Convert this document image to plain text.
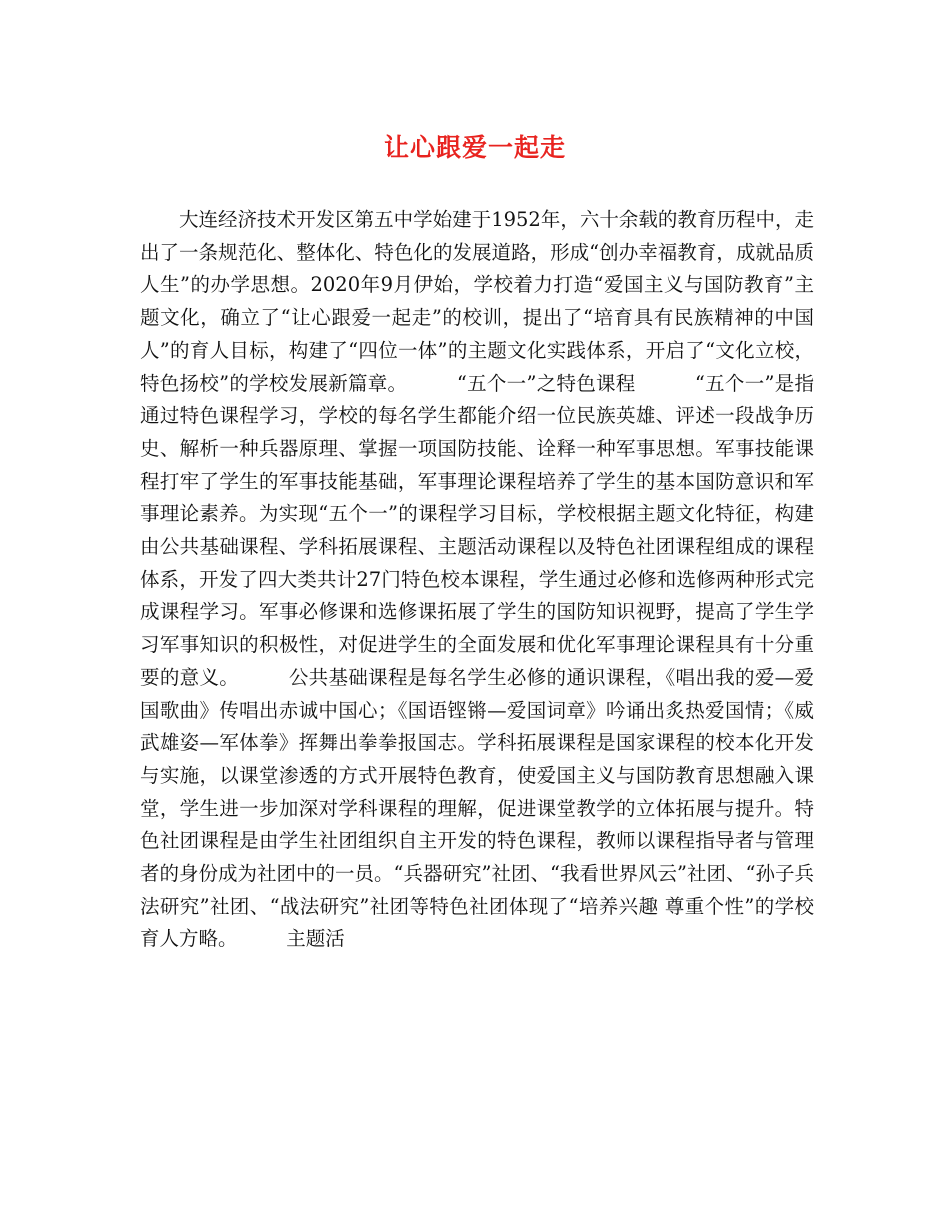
让心跟爱一起走

大连经济技术开发区第五中学始建于1952年，六十余载的教育历程中，走出了一条规范化、整体化、特色化的发展道路，形成“创办幸福教育，成就品质人生”的办学思想。2020年9月伊始，学校着力打造“爱国主义与国防教育”主题文化，确立了“让心跟爱一起走”的校训，提出了“培育具有民族精神的中国人”的育人目标，构建了“四位一体”的主题文化实践体系，开启了“文化立校，特色扬校”的学校发展新篇章。　　　“五个一”之特色课程　　　“五个一”是指通过特色课程学习，学校的每名学生都能介绍一位民族英雄、评述一段战争历史、解析一种兵器原理、掌握一项国防技能、诠释一种军事思想。军事技能课程打牢了学生的军事技能基础，军事理论课程培养了学生的基本国防意识和军事理论素养。为实现“五个一”的课程学习目标，学校根据主题文化特征，构建由公共基础课程、学科拓展课程、主题活动课程以及特色社团课程组成的课程体系，开发了四大类共计27门特色校本课程，学生通过必修和选修两种形式完成课程学习。军事必修课和选修课拓展了学生的国防知识视野，提高了学生学习军事知识的积极性，对促进学生的全面发展和优化军事理论课程具有十分重要的意义。　　　公共基础课程是每名学生必修的通识课程，《唱出我的爱—爱国歌曲》传唱出赤诚中国心；《国语铿锵—爱国词章》吟诵出炙热爱国情；《威武雄姿—军体拳》挥舞出拳拳报国志。学科拓展课程是国家课程的校本化开发与实施，以课堂渗透的方式开展特色教育，使爱国主义与国防教育思想融入课堂，学生进一步加深对学科课程的理解，促进课堂教学的立体拓展与提升。特色社团课程是由学生社团组织自主开发的特色课程，教师以课程指导者与管理者的身份成为社团中的一员。“兵器研究”社团、“我看世界风云”社团、“孙子兵法研究”社团、“战法研究”社团等特色社团体现了“培养兴趣 尊重个性”的学校育人方略。　　　主题活
